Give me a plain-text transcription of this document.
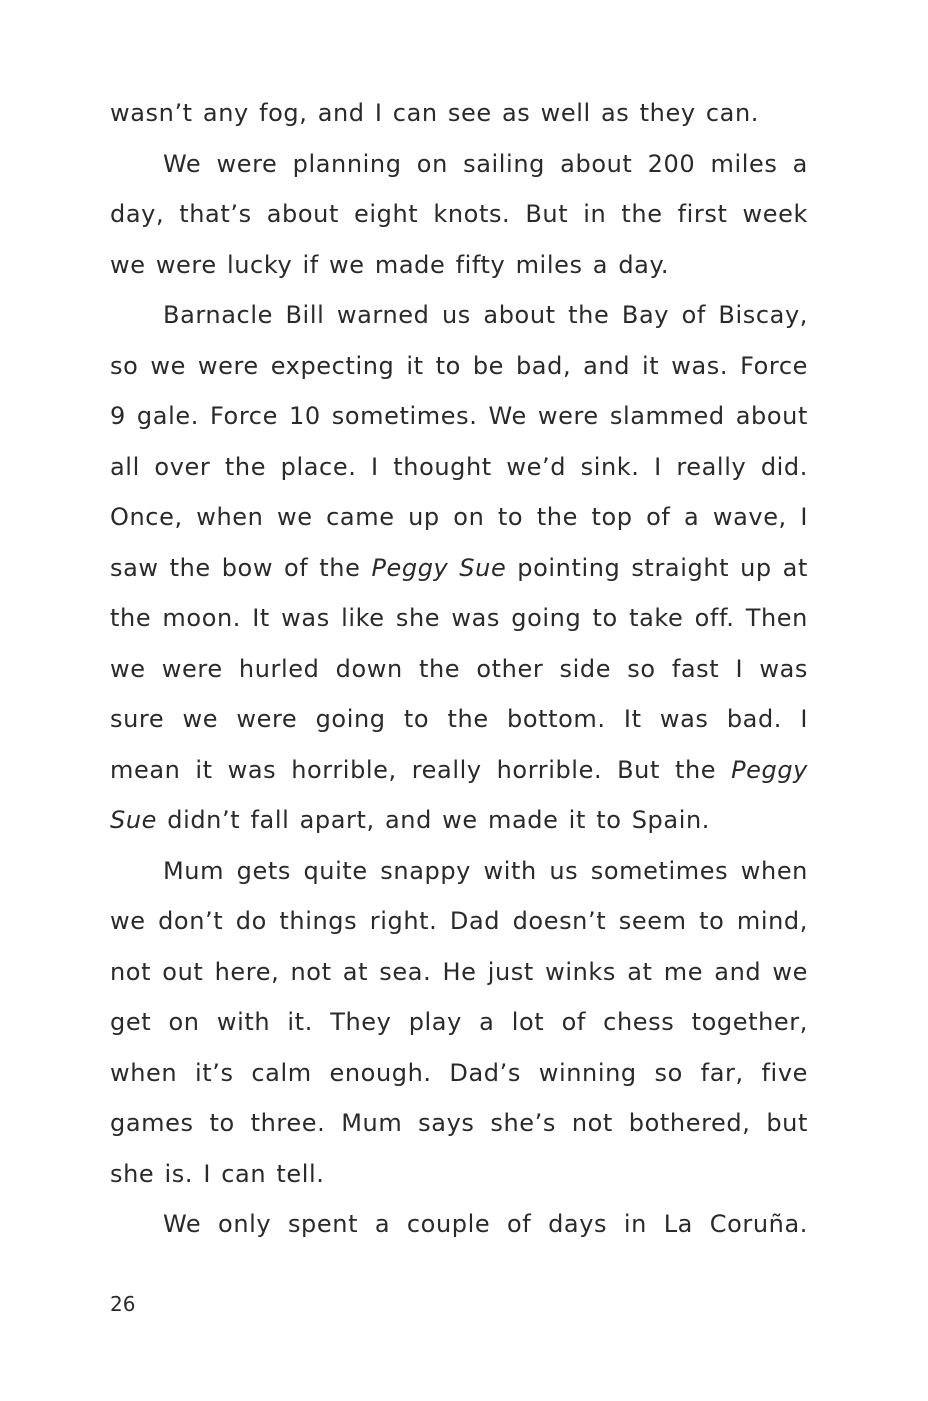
wasn’t any fog, and I can see as well as they can.

We were planning on sailing about 200 miles a day, that’s about eight knots. But in the first week we were lucky if we made fifty miles a day.

Barnacle Bill warned us about the Bay of Biscay, so we were expecting it to be bad, and it was. Force 9 gale. Force 10 sometimes. We were slammed about all over the place. I thought we’d sink. I really did. Once, when we came up on to the top of a wave, I saw the bow of the Peggy Sue pointing straight up at the moon. It was like she was going to take off. Then we were hurled down the other side so fast I was sure we were going to the bottom. It was bad. I mean it was horrible, really horrible. But the Peggy Sue didn’t fall apart, and we made it to Spain.

Mum gets quite snappy with us sometimes when we don’t do things right. Dad doesn’t seem to mind, not out here, not at sea. He just winks at me and we get on with it. They play a lot of chess together, when it’s calm enough. Dad’s winning so far, five games to three. Mum says she’s not bothered, but she is. I can tell.

We only spent a couple of days in La Coruña.

26
